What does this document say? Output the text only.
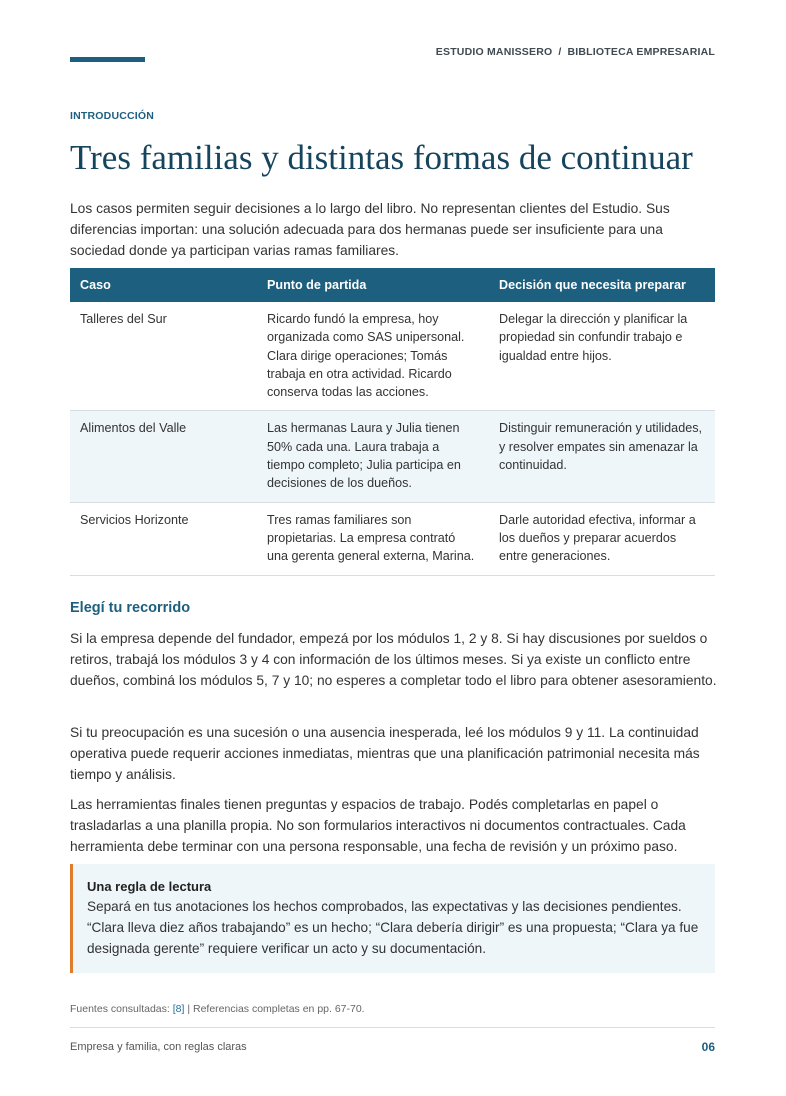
ESTUDIO MANISSERO / BIBLIOTECA EMPRESARIAL
INTRODUCCIÓN
Tres familias y distintas formas de continuar

Los casos permiten seguir decisiones a lo largo del libro. No representan clientes del Estudio. Sus diferencias importan: una solución adecuada para dos hermanas puede ser insuficiente para una sociedad donde ya participan varias ramas familiares.

Caso	Punto de partida	Decisión que necesita preparar
Talleres del Sur	Ricardo fundó la empresa, hoy organizada como SAS unipersonal. Clara dirige operaciones; Tomás trabaja en otra actividad. Ricardo conserva todas las acciones.	Delegar la dirección y planificar la propiedad sin confundir trabajo e igualdad entre hijos.
Alimentos del Valle	Las hermanas Laura y Julia tienen 50% cada una. Laura trabaja a tiempo completo; Julia participa en decisiones de los dueños.	Distinguir remuneración y utilidades, y resolver empates sin amenazar la continuidad.
Servicios Horizonte	Tres ramas familiares son propietarias. La empresa contrató una gerenta general externa, Marina.	Darle autoridad efectiva, informar a los dueños y preparar acuerdos entre generaciones.
Elegí tu recorrido

Si la empresa depende del fundador, empezá por los módulos 1, 2 y 8. Si hay discusiones por sueldos o retiros, trabajá los módulos 3 y 4 con información de los últimos meses. Si ya existe un conflicto entre dueños, combiná los módulos 5, 7 y 10; no esperes a completar todo el libro para obtener asesoramiento.

Si tu preocupación es una sucesión o una ausencia inesperada, leé los módulos 9 y 11. La continuidad operativa puede requerir acciones inmediatas, mientras que una planificación patrimonial necesita más tiempo y análisis.

Las herramientas finales tienen preguntas y espacios de trabajo. Podés completarlas en papel o trasladarlas a una planilla propia. No son formularios interactivos ni documentos contractuales. Cada herramienta debe terminar con una persona responsable, una fecha de revisión y un próximo paso.

Una regla de lectura
Separá en tus anotaciones los hechos comprobados, las expectativas y las decisiones pendientes. “Clara lleva diez años trabajando” es un hecho; “Clara debería dirigir” es una propuesta; “Clara ya fue designada gerente” requiere verificar un acto y su documentación.
Fuentes consultadas: [8] | Referencias completas en pp. 67-70.
Empresa y familia, con reglas claras	06
